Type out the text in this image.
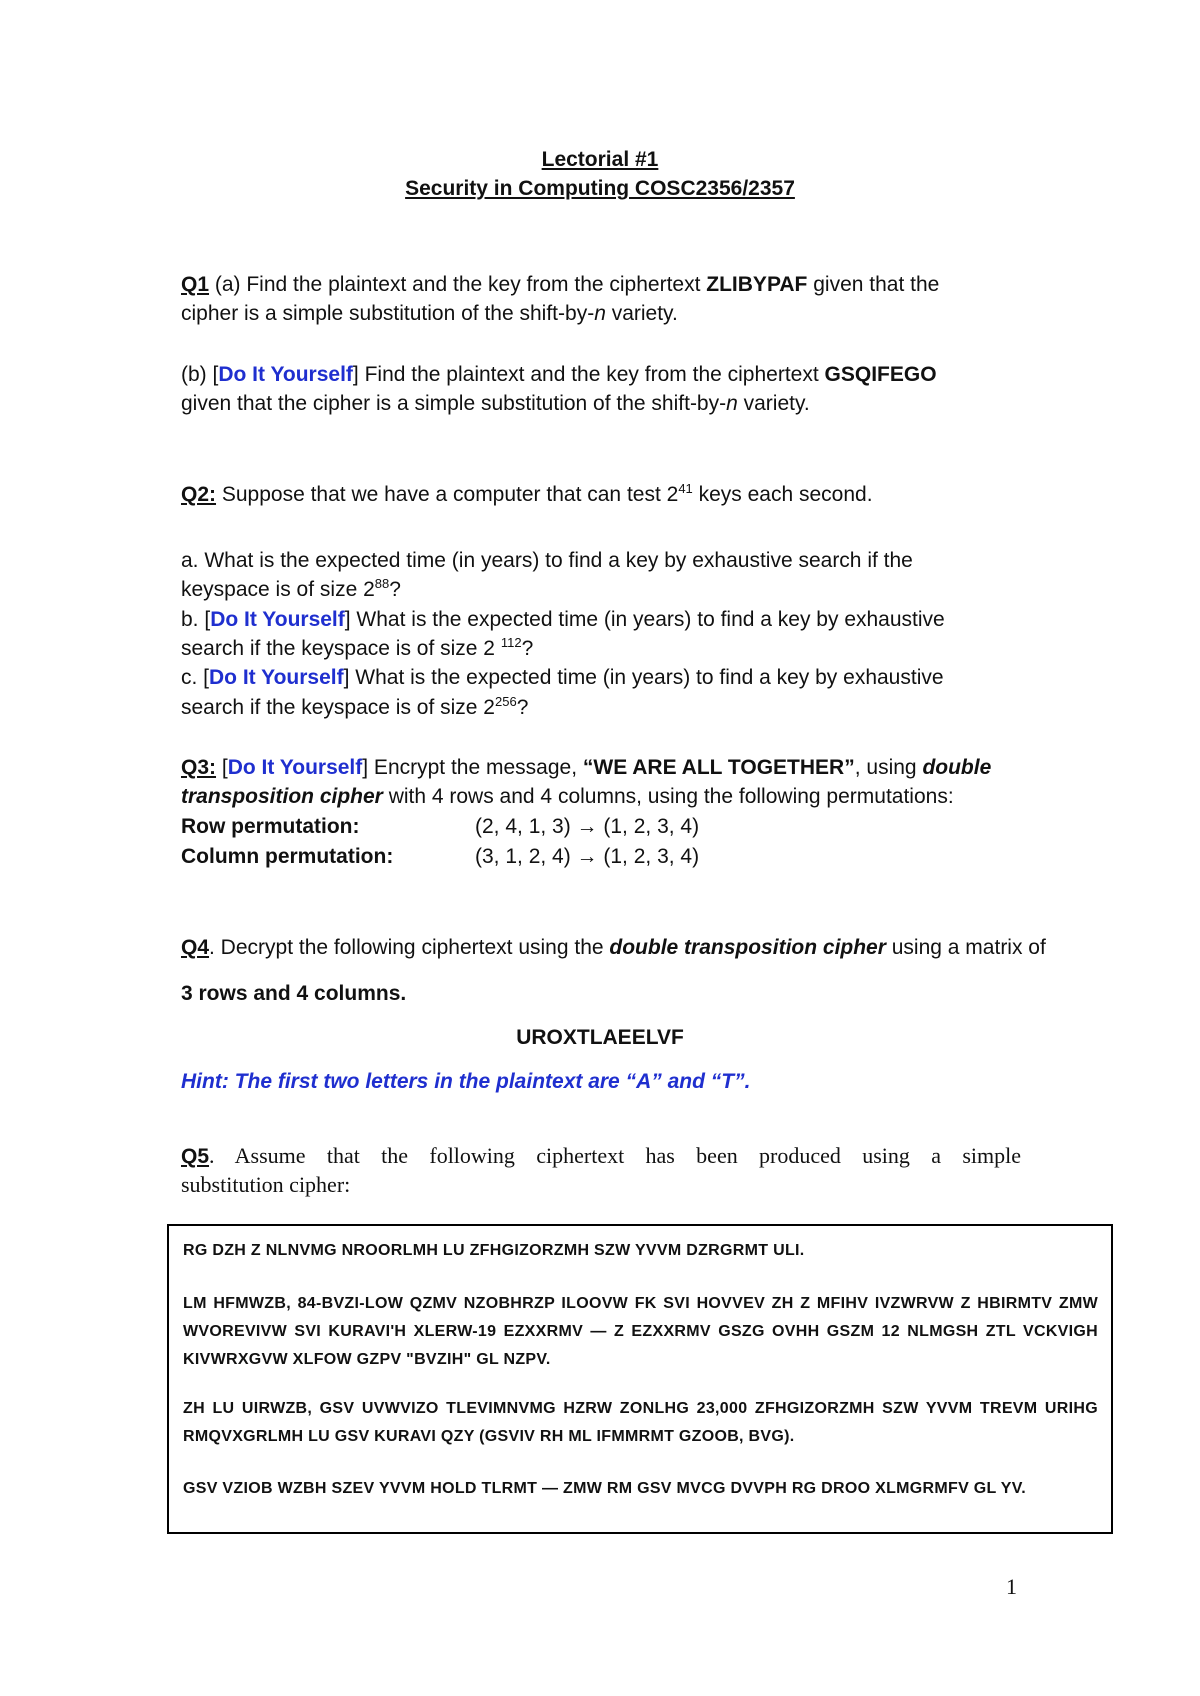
Lectorial #1
Security in Computing COSC2356/2357
Q1 (a) Find the plaintext and the key from the ciphertext ZLIBYPAF given that the
cipher is a simple substitution of the shift-by-n variety.
(b) [Do It Yourself] Find the plaintext and the key from the ciphertext GSQIFEGO
given that the cipher is a simple substitution of the shift-by-n variety.
Q2: Suppose that we have a computer that can test $2^{41}$ keys each second.
a. What is the expected time (in years) to find a key by exhaustive search if the
keyspace is of size $2^{88}$?
b. [Do It Yourself] What is the expected time (in years) to find a key by exhaustive
search if the keyspace is of size 2 $^{112}$?
c. [Do It Yourself] What is the expected time (in years) to find a key by exhaustive
search if the keyspace is of size $2^{256}$?
Q3: [Do It Yourself] Encrypt the message, “WE ARE ALL TOGETHER”, using double
transposition cipher with 4 rows and 4 columns, using the following permutations:
Row permutation:	(2, 4, 1, 3) → (1, 2, 3, 4)
Column permutation:	(3, 1, 2, 4) → (1, 2, 3, 4)
Q4. Decrypt the following ciphertext using the double transposition cipher using a matrix of
3 rows and 4 columns.
UROXTLAEELVF
Hint: The first two letters in the plaintext are “A” and “T”.
Q5. Assume that the following ciphertext has been produced using a simple
substitution cipher:
RG DZH Z NLNVMG NROORLMH LU ZFHGIZORZMH SZW YVVM DZRGRMT ULI.
LM HFMWZB, 84-BVZI-LOW QZMV NZOBHRZP ILOOVW FK SVI HOVVEV ZH Z MFIHV IVZWRVW Z HBIRMTV ZMW WVOREVIVW SVI KURAVI'H XLERW-19 EZXXRMV — Z EZXXRMV GSZG OVHH GSZM 12 NLMGSH ZTL VCKVIGH KIVWRXGVW XLFOW GZPV "BVZIH" GL NZPV.
ZH LU UIRWZB, GSV UVWVIZO TLEVIMNVMG HZRW ZONLHG 23,000 ZFHGIZORZMH SZW YVVM TREVM URIHG RMQVXGRLMH LU GSV KURAVI QZY (GSVIV RH ML IFMMRMT GZOOB, BVG).
GSV VZIOB WZBH SZEV YVVM HOLD TLRMT — ZMW RM GSV MVCG DVVPH RG DROO XLMGRMFV GL YV.
1
